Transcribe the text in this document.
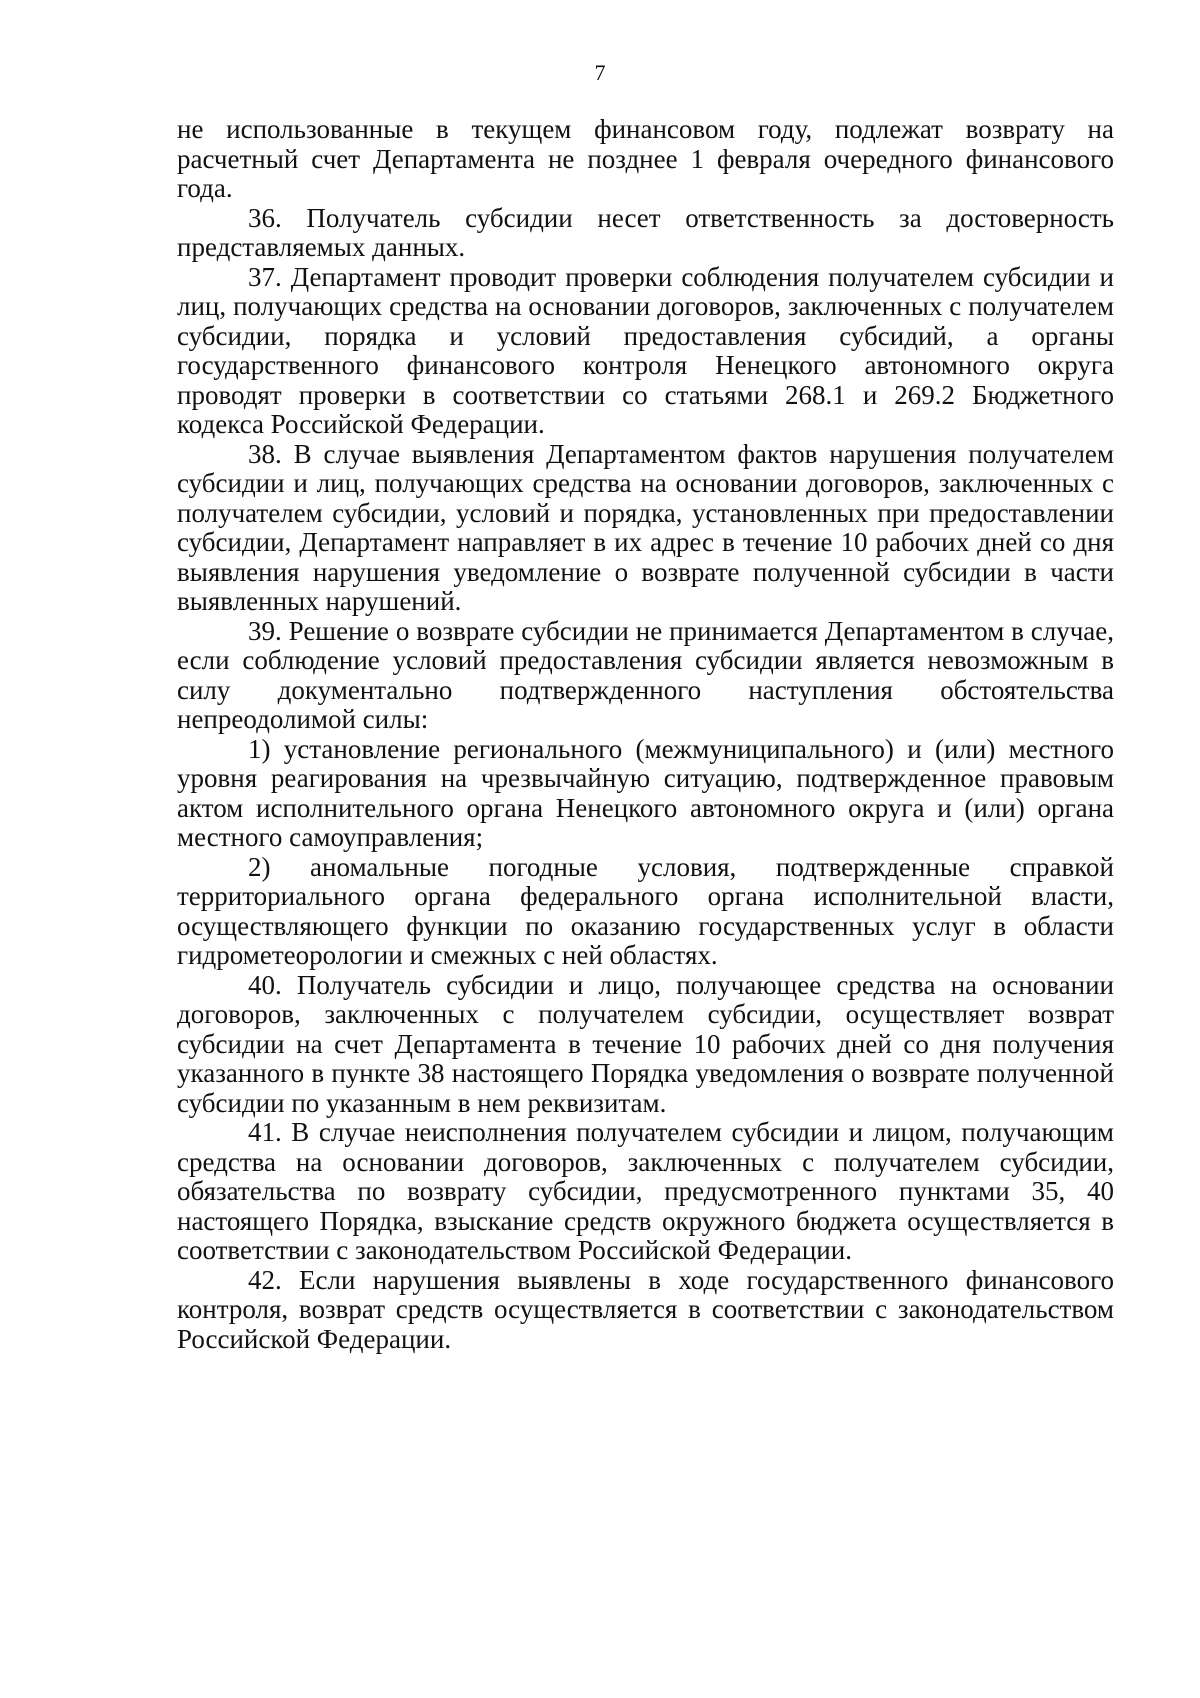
7

не использованные в текущем финансовом году, подлежат возврату на расчетный счет Департамента не позднее 1 февраля очередного финансового года.

36. Получатель субсидии несет ответственность за достоверность представляемых данных.

37. Департамент проводит проверки соблюдения получателем субсидии и лиц, получающих средства на основании договоров, заключенных с получателем субсидии, порядка и условий предоставления субсидий, а органы государственного финансового контроля Ненецкого автономного округа проводят проверки в соответствии со статьями 268.1 и 269.2 Бюджетного кодекса Российской Федерации.

38. В случае выявления Департаментом фактов нарушения получателем субсидии и лиц, получающих средства на основании договоров, заключенных с получателем субсидии, условий и порядка, установленных при предоставлении субсидии, Департамент направляет в их адрес в течение 10 рабочих дней со дня выявления нарушения уведомление о возврате полученной субсидии в части выявленных нарушений.

39. Решение о возврате субсидии не принимается Департаментом в случае, если соблюдение условий предоставления субсидии является невозможным в силу документально подтвержденного наступления обстоятельства непреодолимой силы:

1) установление регионального (межмуниципального) и (или) местного уровня реагирования на чрезвычайную ситуацию, подтвержденное правовым актом исполнительного органа Ненецкого автономного округа и (или) органа местного самоуправления;

2) аномальные погодные условия, подтвержденные справкой территориального органа федерального органа исполнительной власти, осуществляющего функции по оказанию государственных услуг в области гидрометеорологии и смежных с ней областях.

40. Получатель субсидии и лицо, получающее средства на основании договоров, заключенных с получателем субсидии, осуществляет возврат субсидии на счет Департамента в течение 10 рабочих дней со дня получения указанного в пункте 38 настоящего Порядка уведомления о возврате полученной субсидии по указанным в нем реквизитам.

41. В случае неисполнения получателем субсидии и лицом, получающим средства на основании договоров, заключенных с получателем субсидии, обязательства по возврату субсидии, предусмотренного пунктами 35, 40 настоящего Порядка, взыскание средств окружного бюджета осуществляется в соответствии с законодательством Российской Федерации.

42. Если нарушения выявлены в ходе государственного финансового контроля, возврат средств осуществляется в соответствии с законодательством Российской Федерации.
